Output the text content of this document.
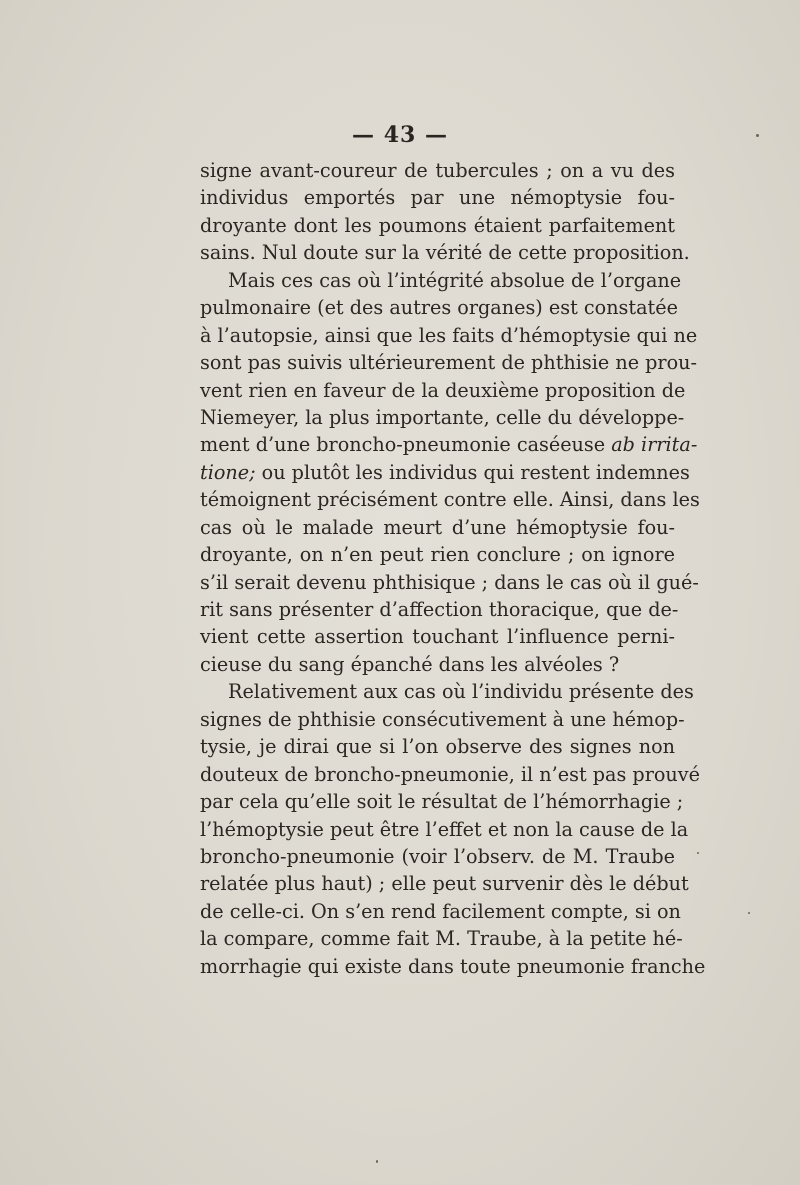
— 43 —
signe avant-coureur de tubercules ; on a vu des
individus emportés par une némoptysie fou-
droyante dont les poumons étaient parfaitement
sains. Nul doute sur la vérité de cette proposition.
Mais ces cas où l’intégrité absolue de l’organe
pulmonaire (et des autres organes) est constatée
à l’autopsie, ainsi que les faits d’hémoptysie qui ne
sont pas suivis ultérieurement de phthisie ne prou-
vent rien en faveur de la deuxième proposition de
Niemeyer, la plus importante, celle du développe-
ment d’une broncho-pneumonie caséeuse ab irrita-
tione; ou plutôt les individus qui restent indemnes
témoignent précisément contre elle. Ainsi, dans les
cas où le malade meurt d’une hémoptysie fou-
droyante, on n’en peut rien conclure ; on ignore
s’il serait devenu phthisique ; dans le cas où il gué-
rit sans présenter d’affection thoracique, que de-
vient cette assertion touchant l’influence perni-
cieuse du sang épanché dans les alvéoles ?
Relativement aux cas où l’individu présente des
signes de phthisie consécutivement à une hémop-
tysie, je dirai que si l’on observe des signes non
douteux de broncho-pneumonie, il n’est pas prouvé
par cela qu’elle soit le résultat de l’hémorrhagie ;
l’hémoptysie peut être l’effet et non la cause de la
broncho-pneumonie (voir l’observ. de M. Traube
relatée plus haut) ; elle peut survenir dès le début
de celle-ci. On s’en rend facilement compte, si on
la compare, comme fait M. Traube, à la petite hé-
morrhagie qui existe dans toute pneumonie franche
